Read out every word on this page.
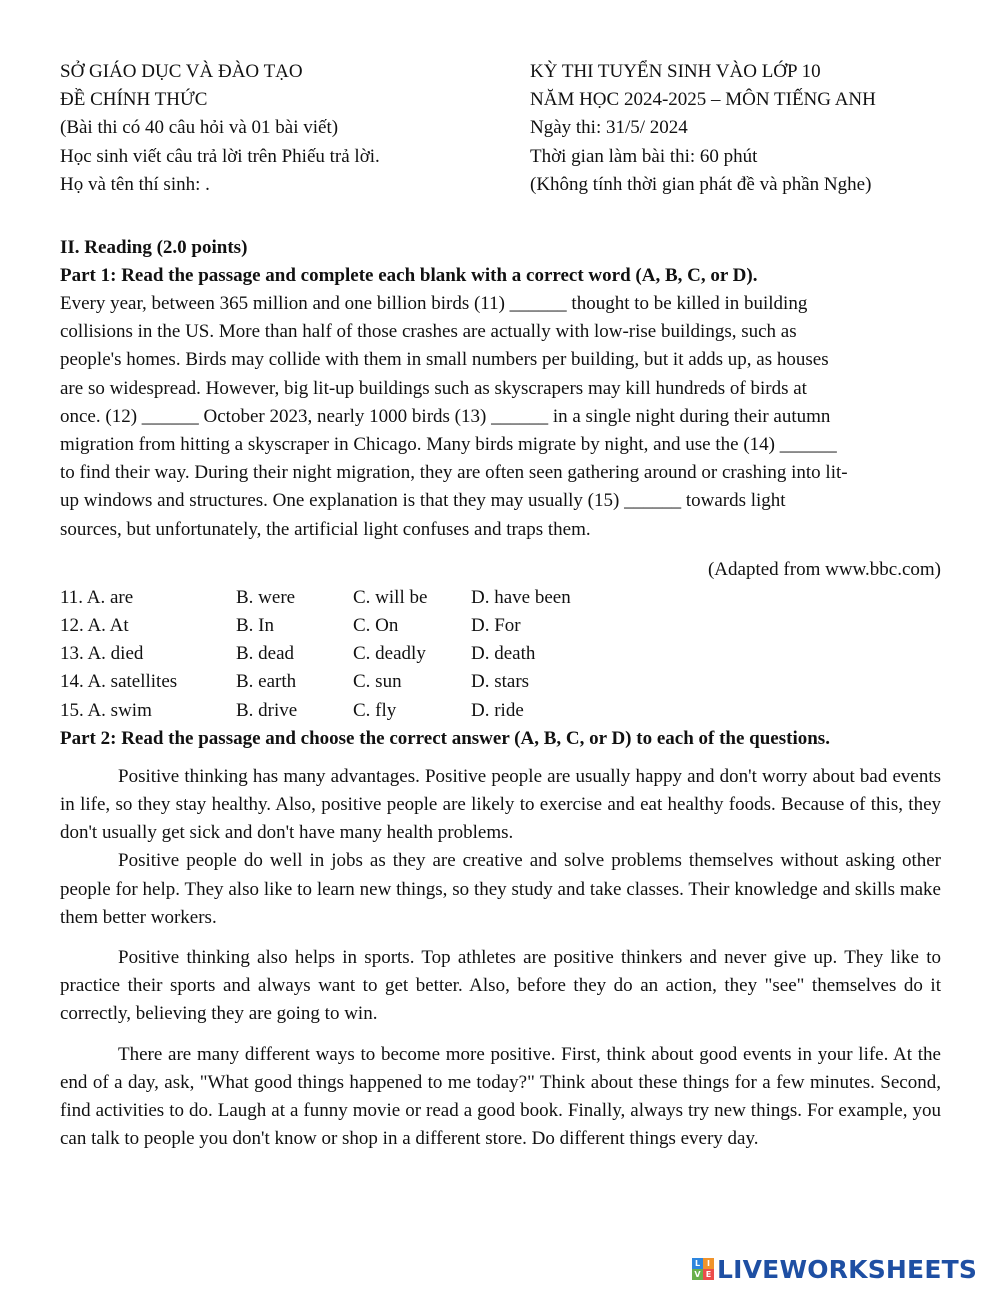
SỞ GIÁO DỤC VÀ ĐÀO TẠO
ĐỀ CHÍNH THỨC
(Bài thi có 40 câu hỏi và 01 bài viết)
Học sinh viết câu trả lời trên Phiếu trả lời.
Họ và tên thí sinh: .
KỲ THI TUYỂN SINH VÀO LỚP 10
NĂM HỌC 2024-2025 – MÔN TIẾNG ANH
Ngày thi: 31/5/ 2024
Thời gian làm bài thi: 60 phút
(Không tính thời gian phát đề và phần Nghe)
II. Reading (2.0 points)
Part 1: Read the passage and complete each blank with a correct word (A, B, C, or D).
Every year, between 365 million and one billion birds (11) ______ thought to be killed in building
collisions in the US. More than half of those crashes are actually with low-rise buildings, such as
people's homes. Birds may collide with them in small numbers per building, but it adds up, as houses
are so widespread. However, big lit-up buildings such as skyscrapers may kill hundreds of birds at
once. (12) ______ October 2023, nearly 1000 birds (13) ______ in a single night during their autumn
migration from hitting a skyscraper in Chicago. Many birds migrate by night, and use the (14) ______
to find their way. During their night migration, they are often seen gathering around or crashing into lit-
up windows and structures. One explanation is that they may usually (15) ______ towards light
sources, but unfortunately, the artificial light confuses and traps them.
(Adapted from www.bbc.com)
11. A. are	B. were	C. will be	D. have been
12. A. At	B. In	C. On	D. For
13. A. died	B. dead	C. deadly	D. death
14. A. satellites	B. earth	C. sun	D. stars
15. A. swim	B. drive	C. fly	D. ride
Part 2: Read the passage and choose the correct answer (A, B, C, or D) to each of the questions.

Positive thinking has many advantages. Positive people are usually happy and don't worry about bad events in life, so they stay healthy. Also, positive people are likely to exercise and eat healthy foods. Because of this, they don't usually get sick and don't have many health problems.

Positive people do well in jobs as they are creative and solve problems themselves without asking other people for help. They also like to learn new things, so they study and take classes. Their knowledge and skills make them better workers.

Positive thinking also helps in sports. Top athletes are positive thinkers and never give up. They like to practice their sports and always want to get better. Also, before they do an action, they "see" themselves do it correctly, believing they are going to win.

There are many different ways to become more positive. First, think about good events in your life. At the end of a day, ask, "What good things happened to me today?" Think about these things for a few minutes. Second, find activities to do. Laugh at a funny movie or read a good book. Finally, always try new things. For example, you can talk to people you don't know or shop in a different store. Do different things every day.

L I
V E LIVEWORKSHEETS
